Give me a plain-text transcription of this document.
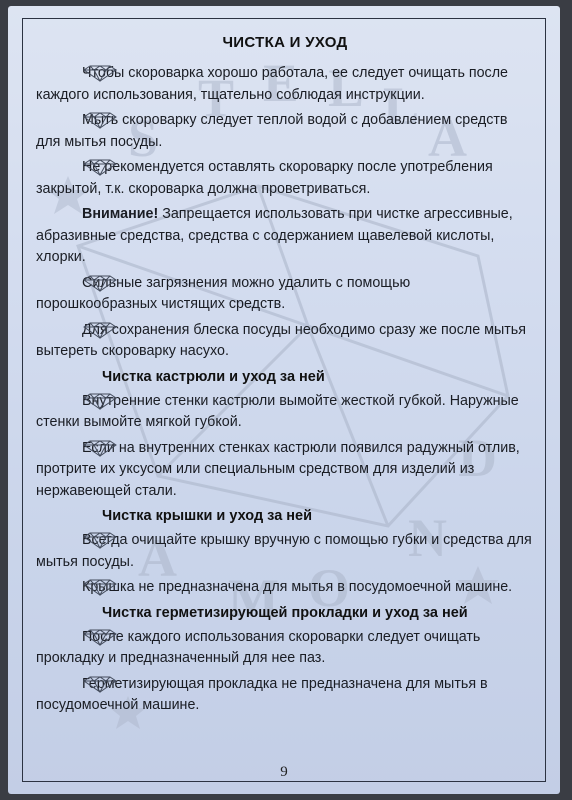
S
T E L L
A
D
N
O
M
A
ЧИСТКА И УХОД
Чтобы скороварка хорошо работала, ее следует очищать после каждого использования, тщательно соблюдая инструкции.
Мыть скороварку следует теплой водой с добавлением средств для мытья посуды.
Не рекомендуется оставлять скороварку после употребления закрытой, т.к. скороварка должна проветриваться.
Внимание! Запрещается использовать при чистке агрессивные, абразивные средства, средства с содержанием щавелевой кислоты, хлорки.
Сильные загрязнения можно удалить с помощью порошкообразных чистящих средств.
Для сохранения блеска посуды необходимо сразу же после мытья вытереть скороварку насухо.
Чистка кастрюли и уход за ней
Внутренние стенки кастрюли вымойте жесткой губкой. Наружные стенки вымойте мягкой губкой.
Если на внутренних стенках кастрюли появился радужный отлив, протрите их уксусом или специальным средством для изделий из нержавеющей стали.
Чистка крышки и уход за ней
Всегда очищайте крышку вручную с помощью губки и средства для мытья посуды.
Крышка не предназначена для мытья в посудомоечной машине.
Чистка герметизирующей прокладки и уход за ней
После каждого использования скороварки следует очищать прокладку и предназначенный для нее паз.
Герметизирующая прокладка не предназначена для мытья в посудомоечной машине.
9
